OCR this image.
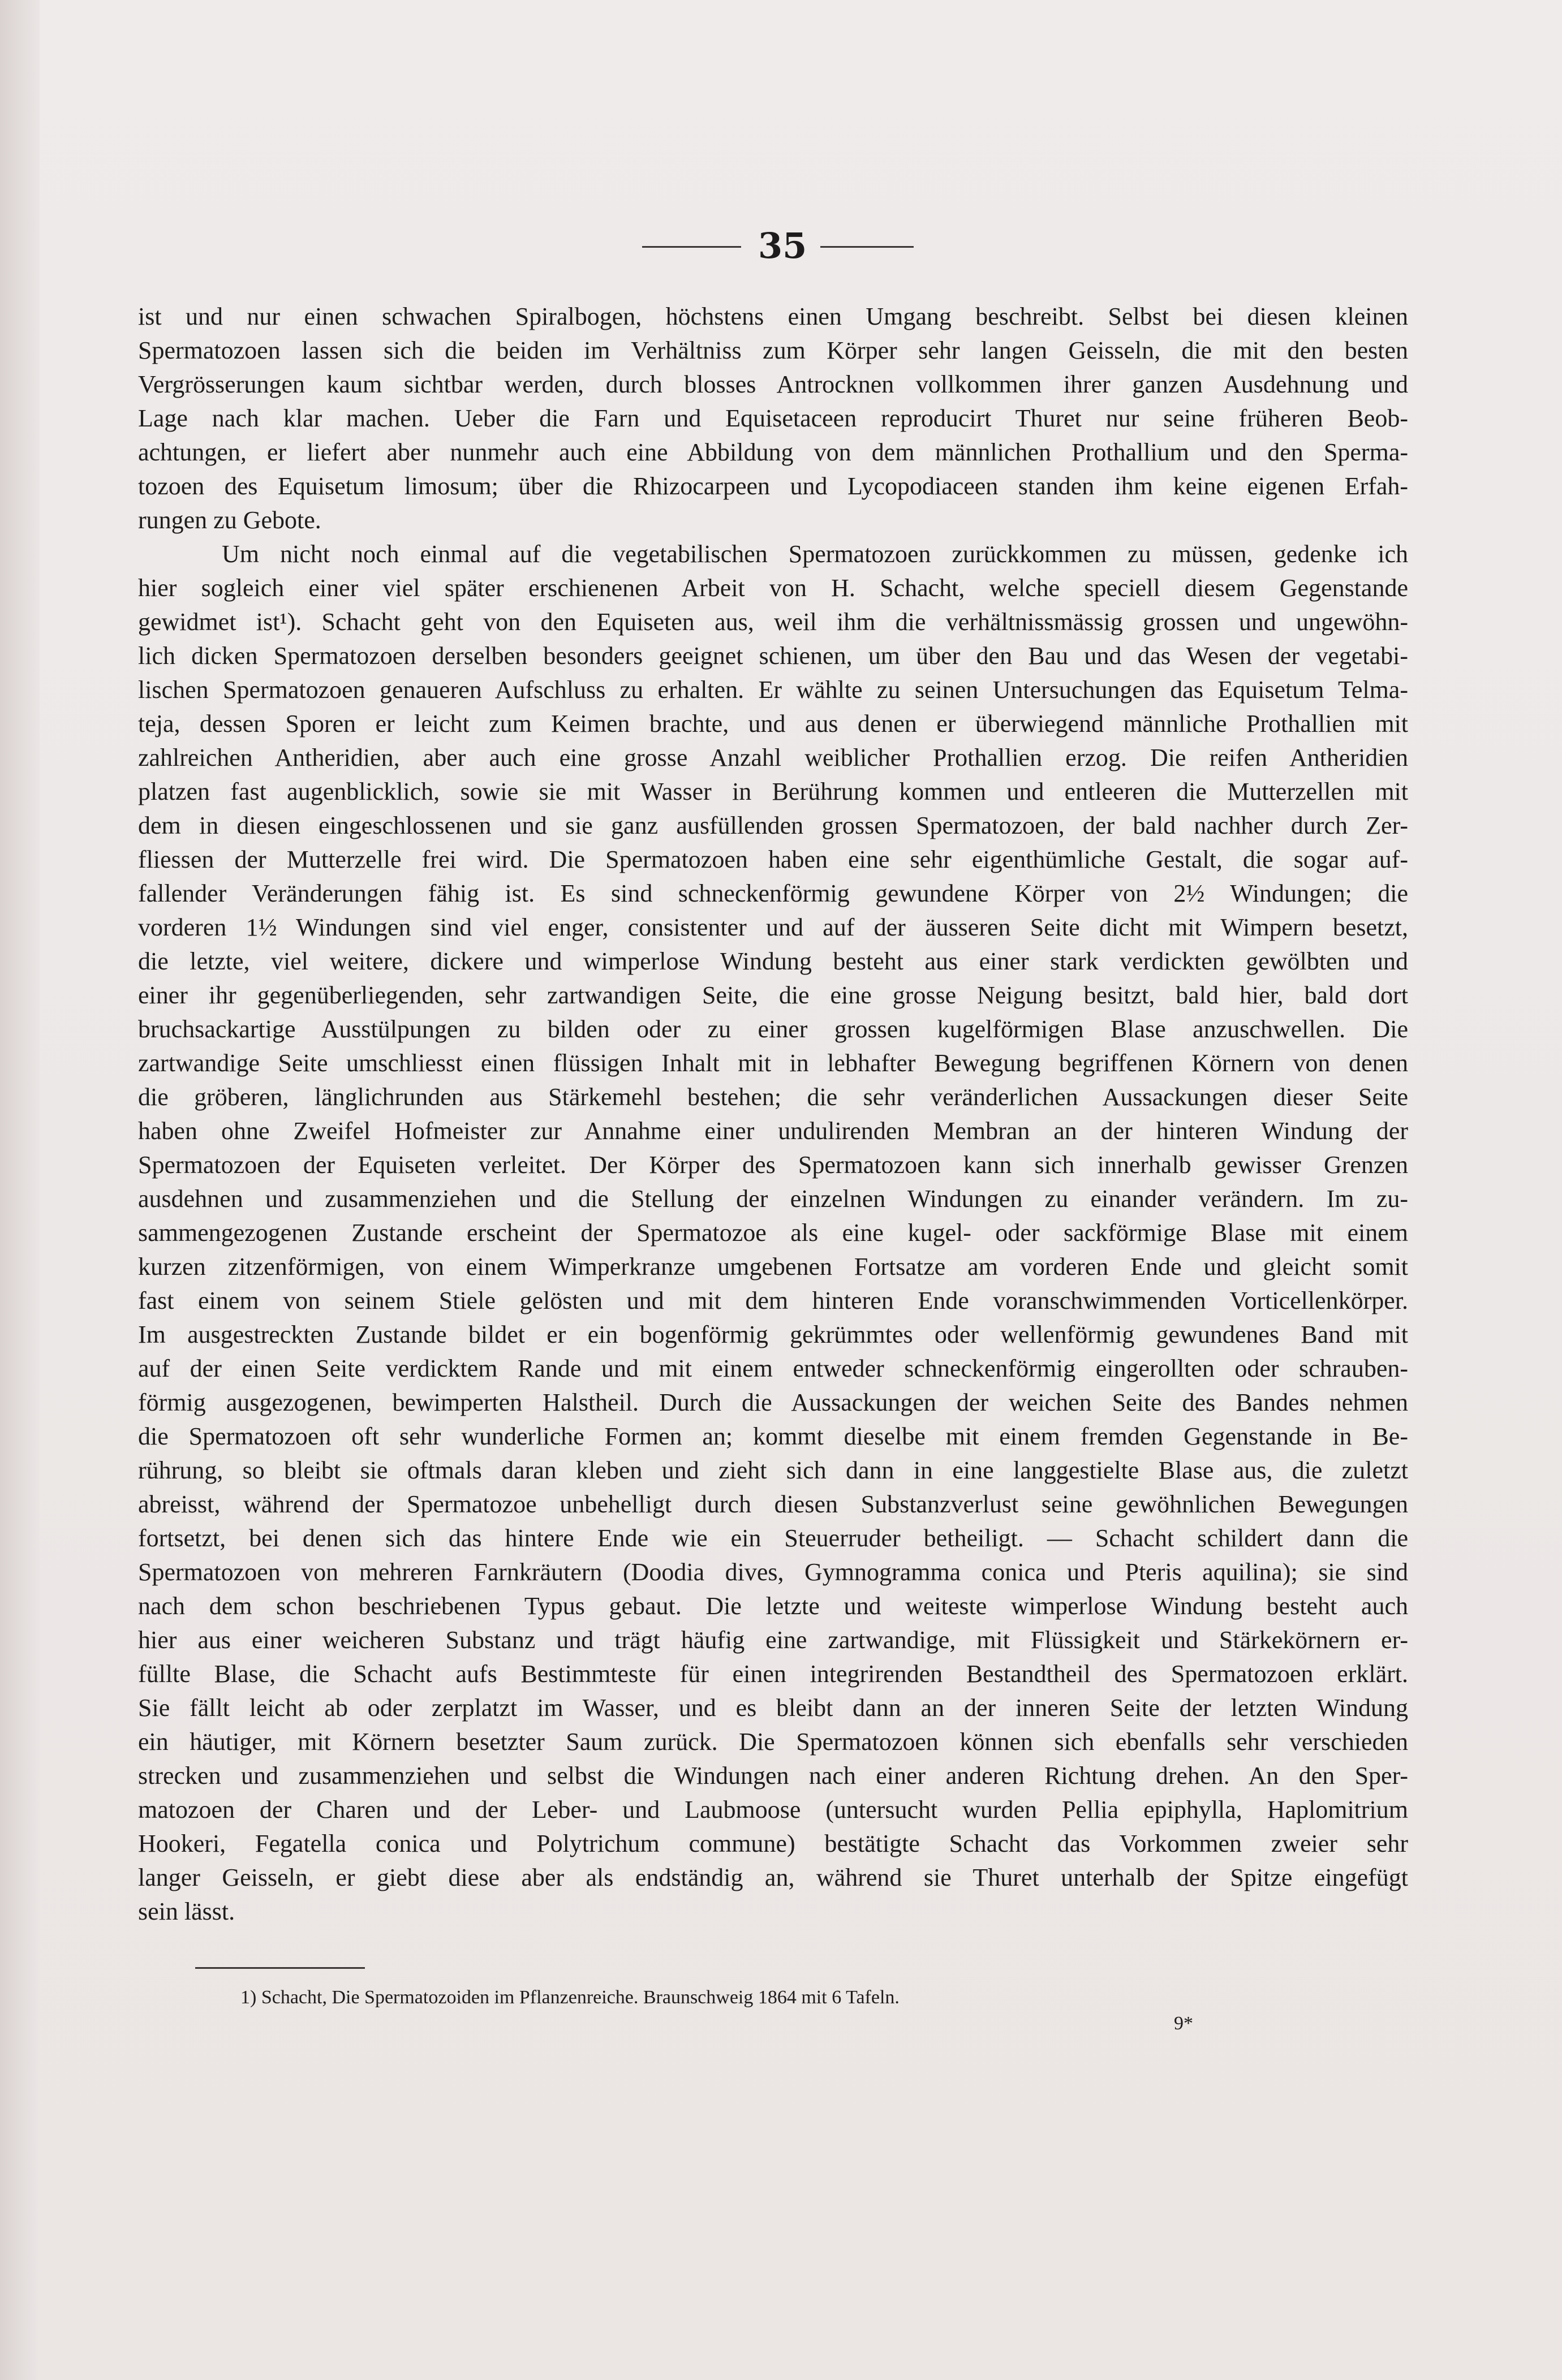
35
ist und nur einen schwachen Spiralbogen, höchstens einen Umgang beschreibt. Selbst bei diesen kleinen
Spermatozoen lassen sich die beiden im Verhältniss zum Körper sehr langen Geisseln, die mit den besten
Vergrösserungen kaum sichtbar werden, durch blosses Antrocknen vollkommen ihrer ganzen Ausdehnung und
Lage nach klar machen. Ueber die Farn und Equisetaceen reproducirt Thuret nur seine früheren Beob-
achtungen, er liefert aber nunmehr auch eine Abbildung von dem männlichen Prothallium und den Sperma-
tozoen des Equisetum limosum; über die Rhizocarpeen und Lycopodiaceen standen ihm keine eigenen Erfah-
rungen zu Gebote.
Um nicht noch einmal auf die vegetabilischen Spermatozoen zurückkommen zu müssen, gedenke ich
hier sogleich einer viel später erschienenen Arbeit von H. Schacht, welche speciell diesem Gegenstande
gewidmet ist¹). Schacht geht von den Equiseten aus, weil ihm die verhältnissmässig grossen und ungewöhn-
lich dicken Spermatozoen derselben besonders geeignet schienen, um über den Bau und das Wesen der vegetabi-
lischen Spermatozoen genaueren Aufschluss zu erhalten. Er wählte zu seinen Untersuchungen das Equisetum Telma-
teja, dessen Sporen er leicht zum Keimen brachte, und aus denen er überwiegend männliche Prothallien mit
zahlreichen Antheridien, aber auch eine grosse Anzahl weiblicher Prothallien erzog. Die reifen Antheridien
platzen fast augenblicklich, sowie sie mit Wasser in Berührung kommen und entleeren die Mutterzellen mit
dem in diesen eingeschlossenen und sie ganz ausfüllenden grossen Spermatozoen, der bald nachher durch Zer-
fliessen der Mutterzelle frei wird. Die Spermatozoen haben eine sehr eigenthümliche Gestalt, die sogar auf-
fallender Veränderungen fähig ist. Es sind schneckenförmig gewundene Körper von 2½ Windungen; die
vorderen 1½ Windungen sind viel enger, consistenter und auf der äusseren Seite dicht mit Wimpern besetzt,
die letzte, viel weitere, dickere und wimperlose Windung besteht aus einer stark verdickten gewölbten und
einer ihr gegenüberliegenden, sehr zartwandigen Seite, die eine grosse Neigung besitzt, bald hier, bald dort
bruchsackartige Ausstülpungen zu bilden oder zu einer grossen kugelförmigen Blase anzuschwellen. Die
zartwandige Seite umschliesst einen flüssigen Inhalt mit in lebhafter Bewegung begriffenen Körnern von denen
die gröberen, länglichrunden aus Stärkemehl bestehen; die sehr veränderlichen Aussackungen dieser Seite
haben ohne Zweifel Hofmeister zur Annahme einer undulirenden Membran an der hinteren Windung der
Spermatozoen der Equiseten verleitet. Der Körper des Spermatozoen kann sich innerhalb gewisser Grenzen
ausdehnen und zusammenziehen und die Stellung der einzelnen Windungen zu einander verändern. Im zu-
sammengezogenen Zustande erscheint der Spermatozoe als eine kugel- oder sackförmige Blase mit einem
kurzen zitzenförmigen, von einem Wimperkranze umgebenen Fortsatze am vorderen Ende und gleicht somit
fast einem von seinem Stiele gelösten und mit dem hinteren Ende voranschwimmenden Vorticellenkörper.
Im ausgestreckten Zustande bildet er ein bogenförmig gekrümmtes oder wellenförmig gewundenes Band mit
auf der einen Seite verdicktem Rande und mit einem entweder schneckenförmig eingerollten oder schrauben-
förmig ausgezogenen, bewimperten Halstheil. Durch die Aussackungen der weichen Seite des Bandes nehmen
die Spermatozoen oft sehr wunderliche Formen an; kommt dieselbe mit einem fremden Gegenstande in Be-
rührung, so bleibt sie oftmals daran kleben und zieht sich dann in eine langgestielte Blase aus, die zuletzt
abreisst, während der Spermatozoe unbehelligt durch diesen Substanzverlust seine gewöhnlichen Bewegungen
fortsetzt, bei denen sich das hintere Ende wie ein Steuerruder betheiligt. — Schacht schildert dann die
Spermatozoen von mehreren Farnkräutern (Doodia dives, Gymnogramma conica und Pteris aquilina); sie sind
nach dem schon beschriebenen Typus gebaut. Die letzte und weiteste wimperlose Windung besteht auch
hier aus einer weicheren Substanz und trägt häufig eine zartwandige, mit Flüssigkeit und Stärkekörnern er-
füllte Blase, die Schacht aufs Bestimmteste für einen integrirenden Bestandtheil des Spermatozoen erklärt.
Sie fällt leicht ab oder zerplatzt im Wasser, und es bleibt dann an der inneren Seite der letzten Windung
ein häutiger, mit Körnern besetzter Saum zurück. Die Spermatozoen können sich ebenfalls sehr verschieden
strecken und zusammenziehen und selbst die Windungen nach einer anderen Richtung drehen. An den Sper-
matozoen der Charen und der Leber- und Laubmoose (untersucht wurden Pellia epiphylla, Haplomitrium
Hookeri, Fegatella conica und Polytrichum commune) bestätigte Schacht das Vorkommen zweier sehr
langer Geisseln, er giebt diese aber als endständig an, während sie Thuret unterhalb der Spitze eingefügt
sein lässt.
1) Schacht, Die Spermatozoiden im Pflanzenreiche. Braunschweig 1864 mit 6 Tafeln.
9*
